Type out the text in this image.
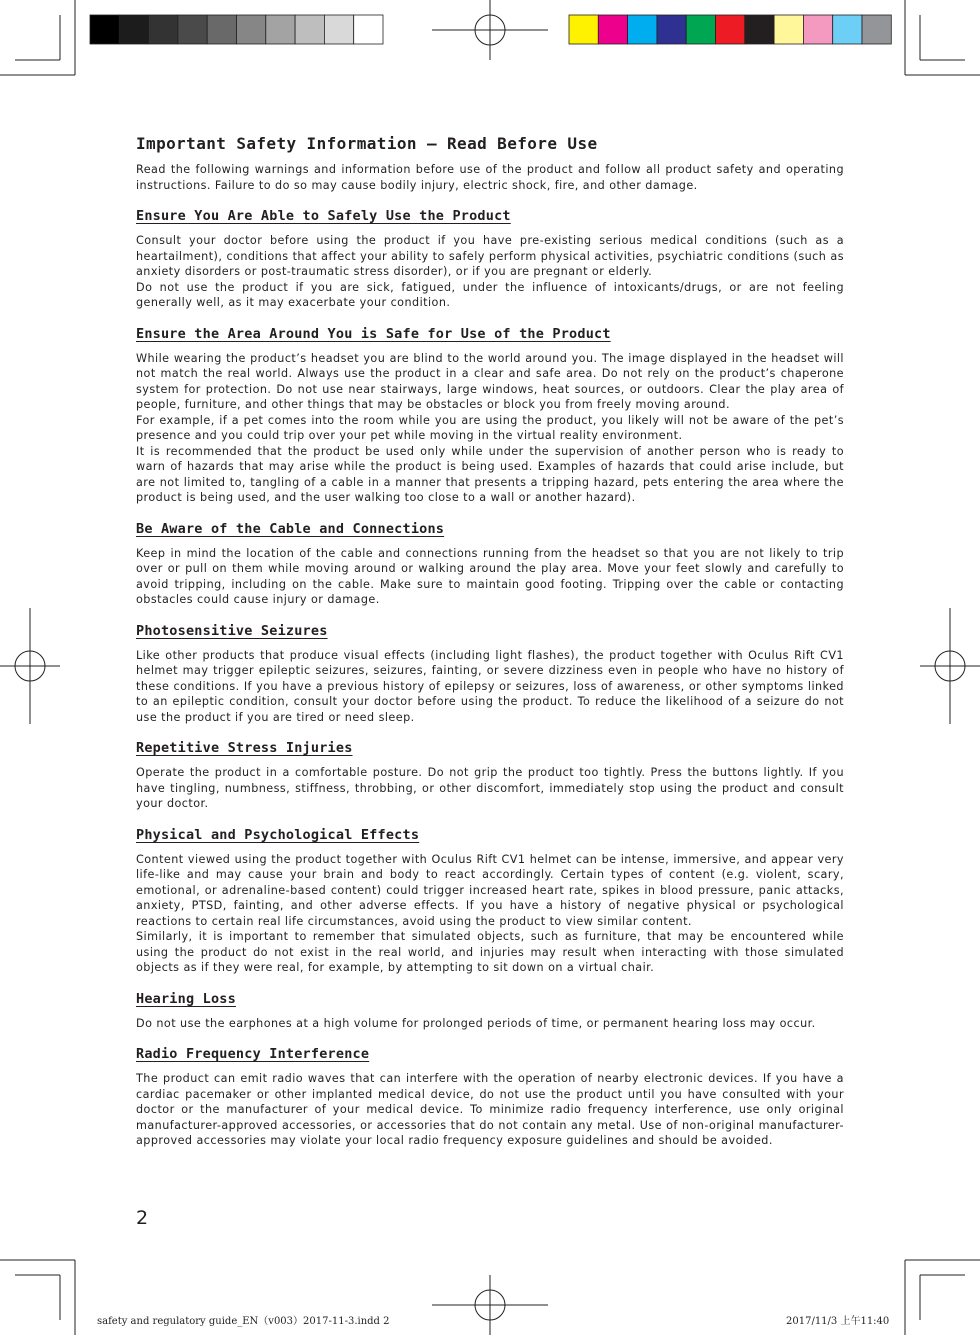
Important Safety Information – Read Before Use

Read the following warnings and information before use of the product and follow all product safety and operating instructions. Failure to do so may cause bodily injury, electric shock, fire, and other damage.

Ensure You Are Able to Safely Use the Product

Consult your doctor before using the product if you have pre-existing serious medical conditions (such as a heartailment), conditions that affect your ability to safely perform physical activities, psychiatric conditions (such as anxiety disorders or post-traumatic stress disorder), or if you are pregnant or elderly.

Do not use the product if you are sick, fatigued, under the influence of intoxicants/drugs, or are not feeling generally well, as it may exacerbate your condition.

Ensure the Area Around You is Safe for Use of the Product

While wearing the product’s headset you are blind to the world around you. The image displayed in the headset will not match the real world. Always use the product in a clear and safe area. Do not rely on the product’s chaperone system for protection. Do not use near stairways, large windows, heat sources, or outdoors. Clear the play area of people, furniture, and other things that may be obstacles or block you from freely moving around.

For example, if a pet comes into the room while you are using the product, you likely will not be aware of the pet’s presence and you could trip over your pet while moving in the virtual reality environment.

It is recommended that the product be used only while under the supervision of another person who is ready to warn of hazards that may arise while the product is being used. Examples of hazards that could arise include, but are not limited to, tangling of a cable in a manner that presents a tripping hazard, pets entering the area where the product is being used, and the user walking too close to a wall or another hazard).

Be Aware of the Cable and Connections

Keep in mind the location of the cable and connections running from the headset so that you are not likely to trip over or pull on them while moving around or walking around the play area. Move your feet slowly and carefully to avoid tripping, including on the cable. Make sure to maintain good footing. Tripping over the cable or contacting obstacles could cause injury or damage.

Photosensitive Seizures

Like other products that produce visual effects (including light flashes), the product together with Oculus Rift CV1 helmet may trigger epileptic seizures, seizures, fainting, or severe dizziness even in people who have no history of these conditions. If you have a previous history of epilepsy or seizures, loss of awareness, or other symptoms linked to an epileptic condition, consult your doctor before using the product. To reduce the likelihood of a seizure do not use the product if you are tired or need sleep.

Repetitive Stress Injuries

Operate the product in a comfortable posture. Do not grip the product too tightly. Press the buttons lightly. If you have tingling, numbness, stiffness, throbbing, or other discomfort, immediately stop using the product and consult your doctor.

Physical and Psychological Effects

Content viewed using the product together with Oculus Rift CV1 helmet can be intense, immersive, and appear very life-like and may cause your brain and body to react accordingly. Certain types of content (e.g. violent, scary, emotional, or adrenaline-based content) could trigger increased heart rate, spikes in blood pressure, panic attacks, anxiety, PTSD, fainting, and other adverse effects. If you have a history of negative physical or psychological reactions to certain real life circumstances, avoid using the product to view similar content.

Similarly, it is important to remember that simulated objects, such as furniture, that may be encountered while using the product do not exist in the real world, and injuries may result when interacting with those simulated objects as if they were real, for example, by attempting to sit down on a virtual chair.

Hearing Loss

Do not use the earphones at a high volume for prolonged periods of time, or permanent hearing loss may occur.

Radio Frequency Interference

The product can emit radio waves that can interfere with the operation of nearby electronic devices. If you have a cardiac pacemaker or other implanted medical device, do not use the product until you have consulted with your doctor or the manufacturer of your medical device. To minimize radio frequency interference, use only original manufacturer-approved accessories, or accessories that do not contain any metal. Use of non-original manufacturer-approved accessories may violate your local radio frequency exposure guidelines and should be avoided.

2
safety and regulatory guide_EN（v003）2017-11-3.indd 2	2017/11/3 上午11:40
